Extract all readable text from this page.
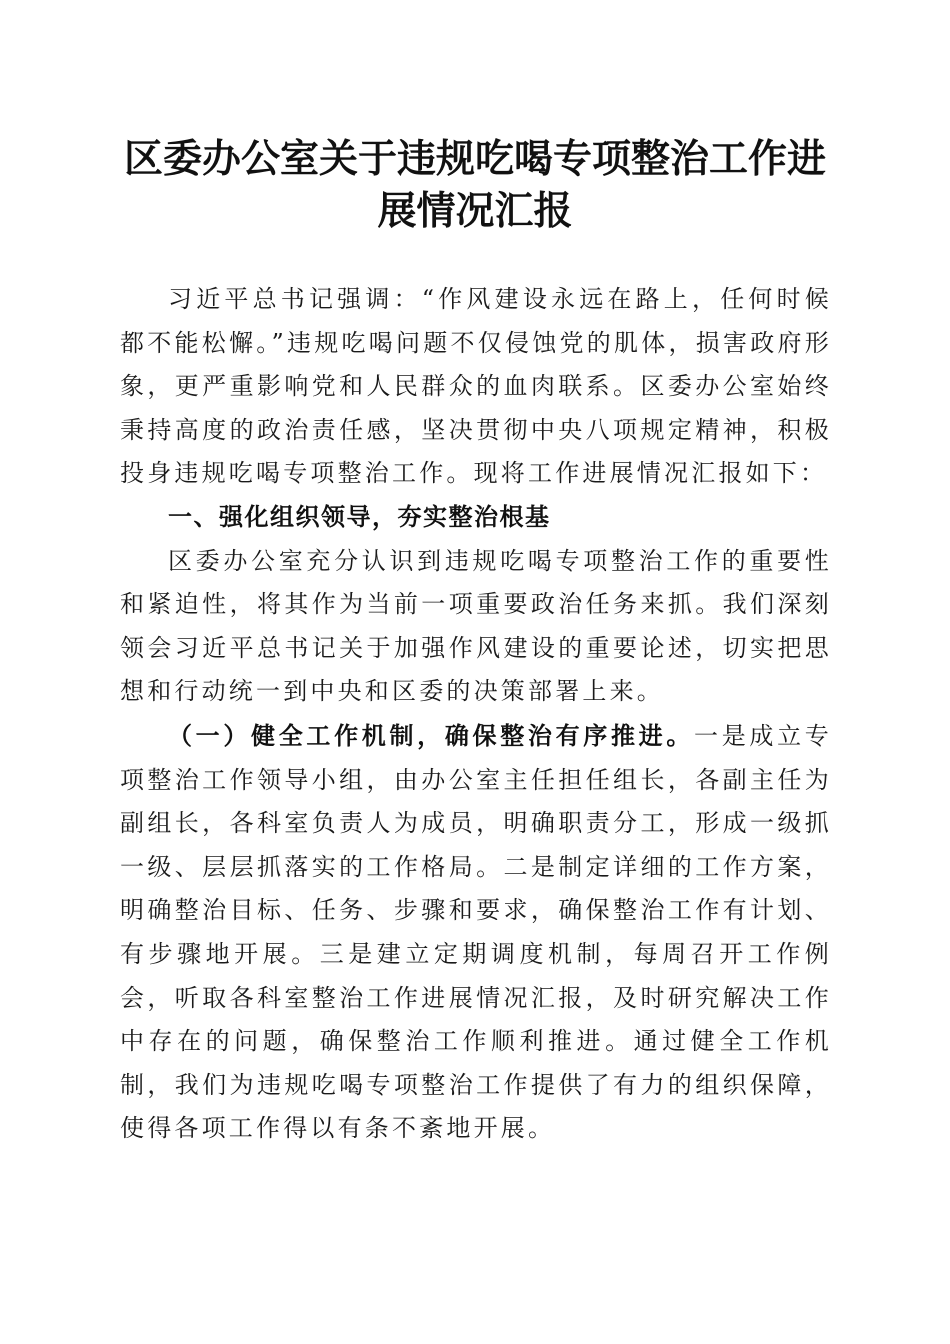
区委办公室关于违规吃喝专项整治工作进展情况汇报

习近平总书记强调：“作风建设永远在路上，任何时候都不能松懈。”违规吃喝问题不仅侵蚀党的肌体，损害政府形象，更严重影响党和人民群众的血肉联系。区委办公室始终秉持高度的政治责任感，坚决贯彻中央八项规定精神，积极投身违规吃喝专项整治工作。现将工作进展情况汇报如下：

一、强化组织领导，夯实整治根基

区委办公室充分认识到违规吃喝专项整治工作的重要性和紧迫性，将其作为当前一项重要政治任务来抓。我们深刻领会习近平总书记关于加强作风建设的重要论述，切实把思想和行动统一到中央和区委的决策部署上来。

（一）健全工作机制，确保整治有序推进。一是成立专项整治工作领导小组，由办公室主任担任组长，各副主任为副组长，各科室负责人为成员，明确职责分工，形成一级抓一级、层层抓落实的工作格局。二是制定详细的工作方案，明确整治目标、任务、步骤和要求，确保整治工作有计划、有步骤地开展。三是建立定期调度机制，每周召开工作例会，听取各科室整治工作进展情况汇报，及时研究解决工作中存在的问题，确保整治工作顺利推进。通过健全工作机制，我们为违规吃喝专项整治工作提供了有力的组织保障，使得各项工作得以有条不紊地开展。
